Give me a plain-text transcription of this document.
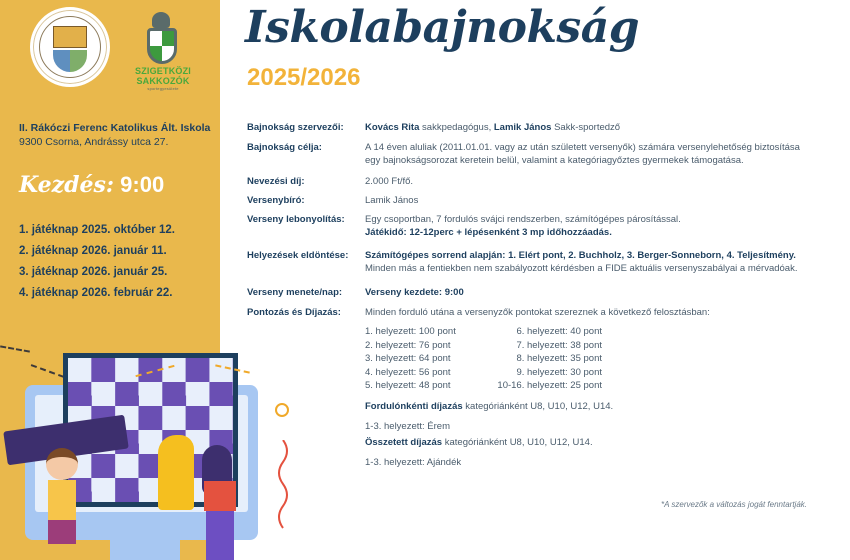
SZIGETKÖZI
SAKKOZÓK
sportegyesülete
II. Rákóczi Ferenc Katolikus Ált. Iskola
9300 Csorna, Andrássy utca 27.
Kezdés: 9:00
1. játéknap 2025. október 12.
2. játéknap 2026. január 11.
3. játéknap 2026. január 25.
4. játéknap 2026. február 22.
Iskolabajnokság
2025/2026
Bajnokság szervezői:	Kovács Rita sakkpedagógus, Lamik János Sakk-sportedző
Bajnokság célja:	A 14 éven aluliak (2011.01.01. vagy az után született versenyők) számára versenylehetőség biztosítása egy bajnokságsorozat keretein belül, valamint a kategóriagyőztes gyermekek támogatása.
Nevezési díj:	2.000 Ft/fő.
Versenybíró:	Lamik János
Verseny lebonyolítás:	Egy csoportban, 7 fordulós svájci rendszerben, számítógépes párosítással.
Játékidő: 12-12perc + lépésenként 3 mp időhozzáadás.
Helyezések eldöntése:	Számítógépes sorrend alapján: 1. Elért pont, 2. Buchholz, 3. Berger-Sonneborn, 4. Teljesítmény.
Minden más a fentiekben nem szabályozott kérdésben a FIDE aktuális versenyszabályai a mérvadóak.
Verseny menete/nap:	Verseny kezdete: 9:00
Pontozás és Díjazás:	Minden forduló utána a versenyzők pontokat szereznek a következő felosztásban:
1. helyezett: 100 pont
2. helyezett: 76 pont
3. helyezett: 64 pont
4. helyezett: 56 pont
5. helyezett: 48 pont
6. helyezett: 40 pont
7. helyezett: 38 pont
8. helyezett: 35 pont
9. helyezett: 30 pont
10-16. helyezett: 25 pont
Fordulónkénti díjazás kategóriánként U8, U10, U12, U14.
1-3. helyezett: Érem
Összetett díjazás kategóriánként U8, U10, U12, U14.
1-3. helyezett: Ajándék
*A szervezők a változás jogát fenntartják.
